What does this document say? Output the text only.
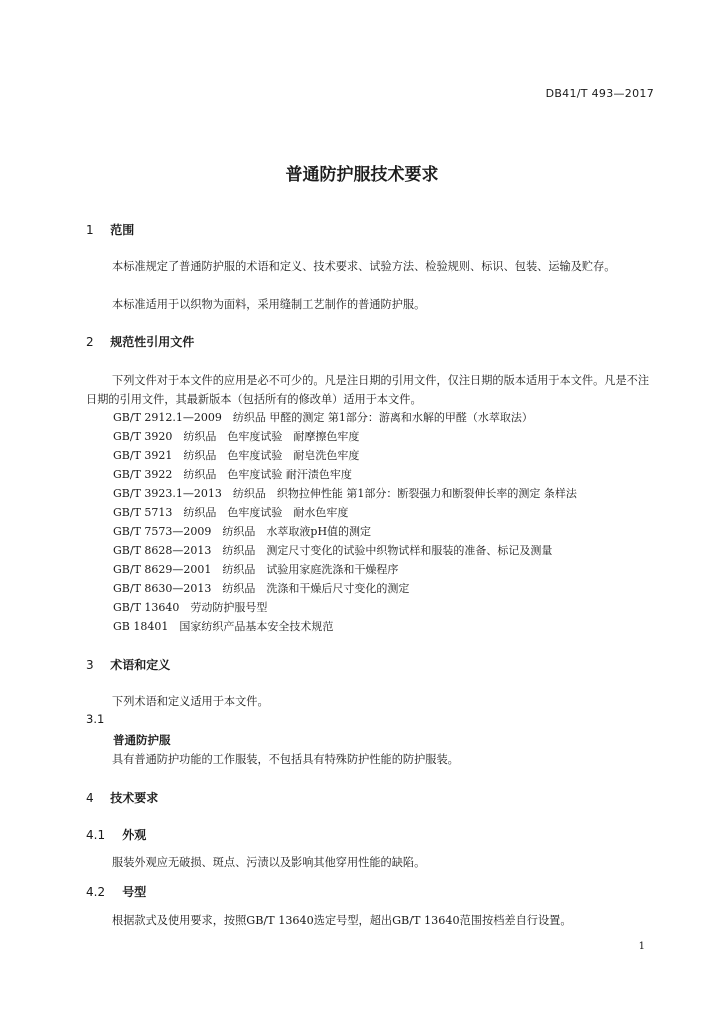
DB41/T 493—2017
普通防护服技术要求
1 范围
本标准规定了普通防护服的术语和定义、技术要求、试验方法、检验规则、标识、包装、运输及贮存。
本标准适用于以织物为面料，采用缝制工艺制作的普通防护服。
2 规范性引用文件
下列文件对于本文件的应用是必不可少的。凡是注日期的引用文件，仅注日期的版本适用于本文件。凡是不注日期的引用文件，其最新版本（包括所有的修改单）适用于本文件。
GB/T 2912.1—2009　纺织品 甲醛的测定 第1部分：游离和水解的甲醛（水萃取法）
GB/T 3920　纺织品　色牢度试验　耐摩擦色牢度
GB/T 3921　纺织品　色牢度试验　耐皂洗色牢度
GB/T 3922　纺织品　色牢度试验 耐汗渍色牢度
GB/T 3923.1—2013　纺织品　织物拉伸性能 第1部分：断裂强力和断裂伸长率的测定 条样法
GB/T 5713　纺织品　色牢度试验　耐水色牢度
GB/T 7573—2009　纺织品　水萃取液pH值的测定
GB/T 8628—2013　纺织品　测定尺寸变化的试验中织物试样和服装的准备、标记及测量
GB/T 8629—2001　纺织品　试验用家庭洗涤和干燥程序
GB/T 8630—2013　纺织品　洗涤和干燥后尺寸变化的测定
GB/T 13640　劳动防护服号型
GB 18401　国家纺织产品基本安全技术规范
3 术语和定义
下列术语和定义适用于本文件。
3.1
普通防护服
具有普通防护功能的工作服装，不包括具有特殊防护性能的防护服装。
4 技术要求
4.1 外观
服装外观应无破损、斑点、污渍以及影响其他穿用性能的缺陷。
4.2 号型
根据款式及使用要求，按照GB/T 13640选定号型，超出GB/T 13640范围按档差自行设置。
1
